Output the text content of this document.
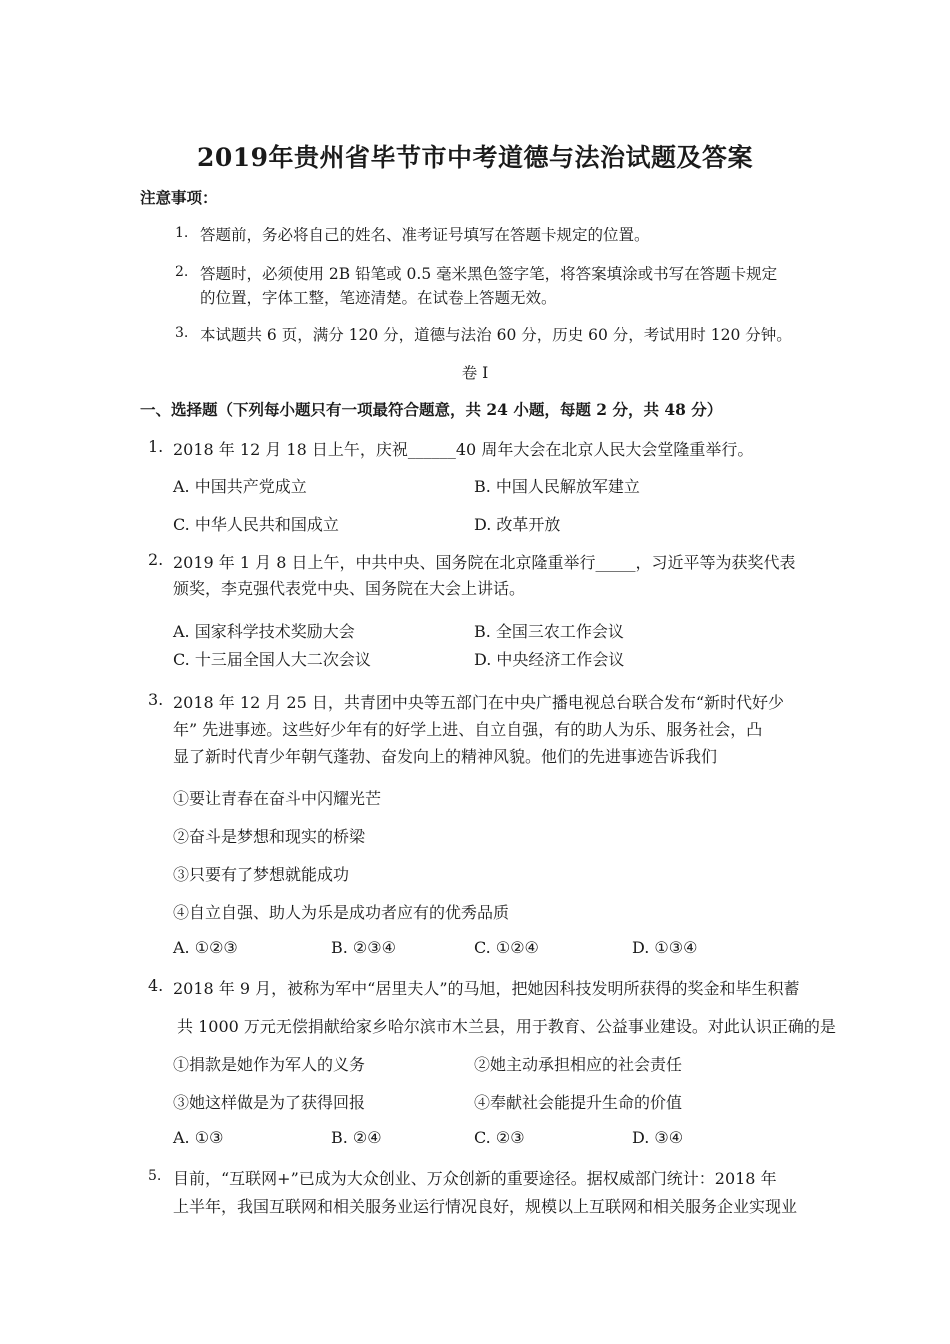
2019年贵州省毕节市中考道德与法治试题及答案
注意事项：
1. 答题前，务必将自己的姓名、准考证号填写在答题卡规定的位置。
2. 答题时，必须使用 2B 铅笔或 0.5 毫米黑色签字笔，将答案填涂或书写在答题卡规定
的位置，字体工整，笔迹清楚。在试卷上答题无效。
3. 本试题共 6 页，满分 120 分，道德与法治 60 分，历史 60 分，考试用时 120 分钟。
卷 I
一、选择题（下列每小题只有一项最符合题意，共 24 小题，每题 2 分，共 48 分）
1. 2018 年 12 月 18 日上午，庆祝______40 周年大会在北京人民大会堂隆重举行。
A. 中国共产党成立	B. 中国人民解放军建立
C. 中华人民共和国成立	D. 改革开放
2. 2019 年 1 月 8 日上午，中共中央、国务院在北京隆重举行_____，习近平等为获奖代表
颁奖，李克强代表党中央、国务院在大会上讲话。
A. 国家科学技术奖励大会	B. 全国三农工作会议
C. 十三届全国人大二次会议	D. 中央经济工作会议
3. 2018 年 12 月 25 日，共青团中央等五部门在中央广播电视总台联合发布“新时代好少
年” 先进事迹。这些好少年有的好学上进、自立自强，有的助人为乐、服务社会，凸
显了新时代青少年朝气蓬勃、奋发向上的精神风貌。他们的先进事迹告诉我们
①要让青春在奋斗中闪耀光芒
②奋斗是梦想和现实的桥梁
③只要有了梦想就能成功
④自立自强、助人为乐是成功者应有的优秀品质
A. ①②③	B. ②③④	C. ①②④	D. ①③④
4. 2018 年 9 月，被称为军中“居里夫人”的马旭，把她因科技发明所获得的奖金和毕生积蓄
共 1000 万元无偿捐献给家乡哈尔滨市木兰县，用于教育、公益事业建设。对此认识正确的是
①捐款是她作为军人的义务	②她主动承担相应的社会责任
③她这样做是为了获得回报	④奉献社会能提升生命的价值
A. ①③	B. ②④	C. ②③	D. ③④
5. 目前，“互联网+”已成为大众创业、万众创新的重要途径。据权威部门统计：2018 年
上半年，我国互联网和相关服务业运行情况良好，规模以上互联网和相关服务企业实现业
